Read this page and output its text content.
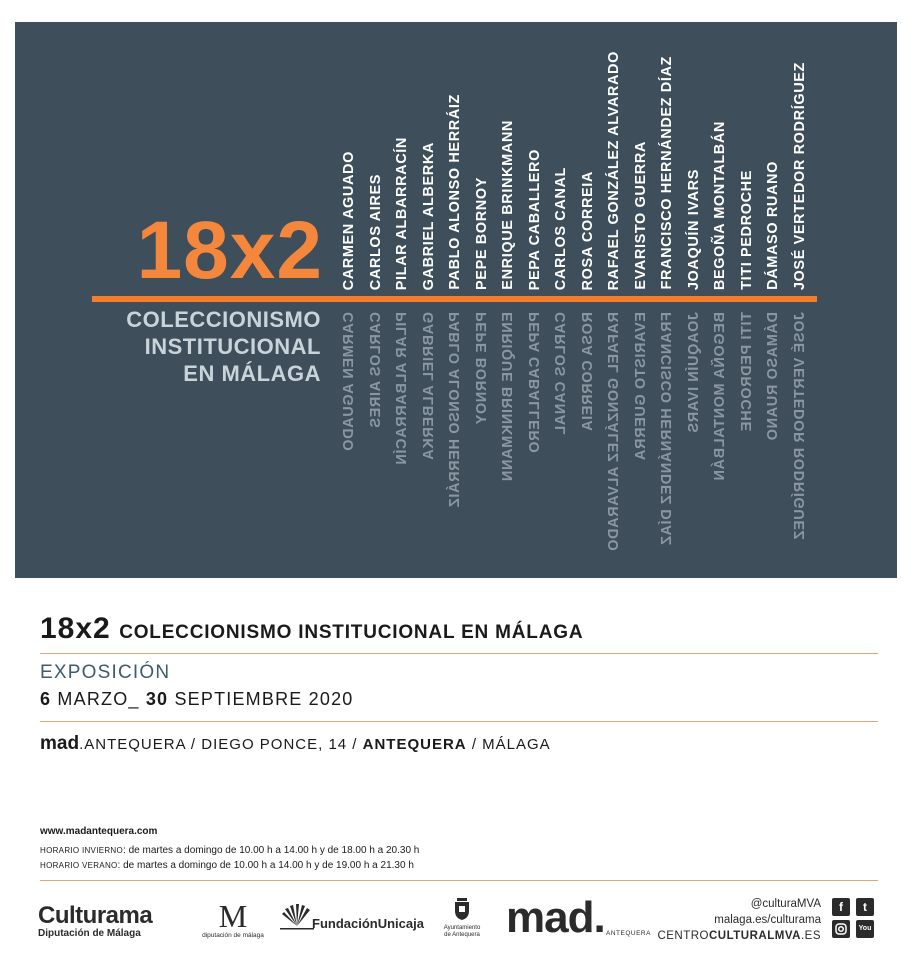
18x2
COLECCIONISMO
INSTITUCIONAL
EN MÁLAGA
CARMEN AGUADO
CARMEN AGUADO
CARLOS AIRES
CARLOS AIRES
PILAR ALBARRACÍN
PILAR ALBARRACÍN
GABRIEL ALBERKA
GABRIEL ALBERKA
PABLO ALONSO HERRÁIZ
PABLO ALONSO HERRÁIZ
PEPE BORNOY
PEPE BORNOY
ENRIQUE BRINKMANN
ENRIQUE BRINKMANN
PEPA CABALLERO
PEPA CABALLERO
CARLOS CANAL
CARLOS CANAL
ROSA CORREIA
ROSA CORREIA
RAFAEL GONZÁLEZ ALVARADO
RAFAEL GONZÁLEZ ALVARADO
EVARISTO GUERRA
EVARISTO GUERRA
FRANCISCO HERNÁNDEZ DÍAZ
FRANCISCO HERNÁNDEZ DÍAZ
JOAQUÍN IVARS
JOAQUÍN IVARS
BEGOÑA MONTALBÁN
BEGOÑA MONTALBÁN
TITI PEDROCHE
TITI PEDROCHE
DÁMASO RUANO
DÁMASO RUANO
JOSÉ VERTEDOR RODRÍGUEZ
JOSÉ VERTEDOR RODRÍGUEZ
18x2 COLECCIONISMO INSTITUCIONAL EN MÁLAGA
EXPOSICIÓN
6 MARZO_ 30 SEPTIEMBRE 2020
mad.ANTEQUERA / DIEGO PONCE, 14 / ANTEQUERA / MÁLAGA
www.madantequera.com
HORARIO INVIERNO: de martes a domingo de 10.00 h a 14.00 h y de 18.00 h a 20.30 h
HORARIO VERANO: de martes a domingo de 10.00 h a 14.00 h y de 19.00 h a 21.30 h
Culturama
Diputación de Málaga	M
diputación de málaga
FundaciónUnicaja	Ayuntamiento
de Antequera mad. ANTEQUERA
@culturaMVA
malaga.es/culturama
CENTROCULTURALMVA.ES
f	t
You
